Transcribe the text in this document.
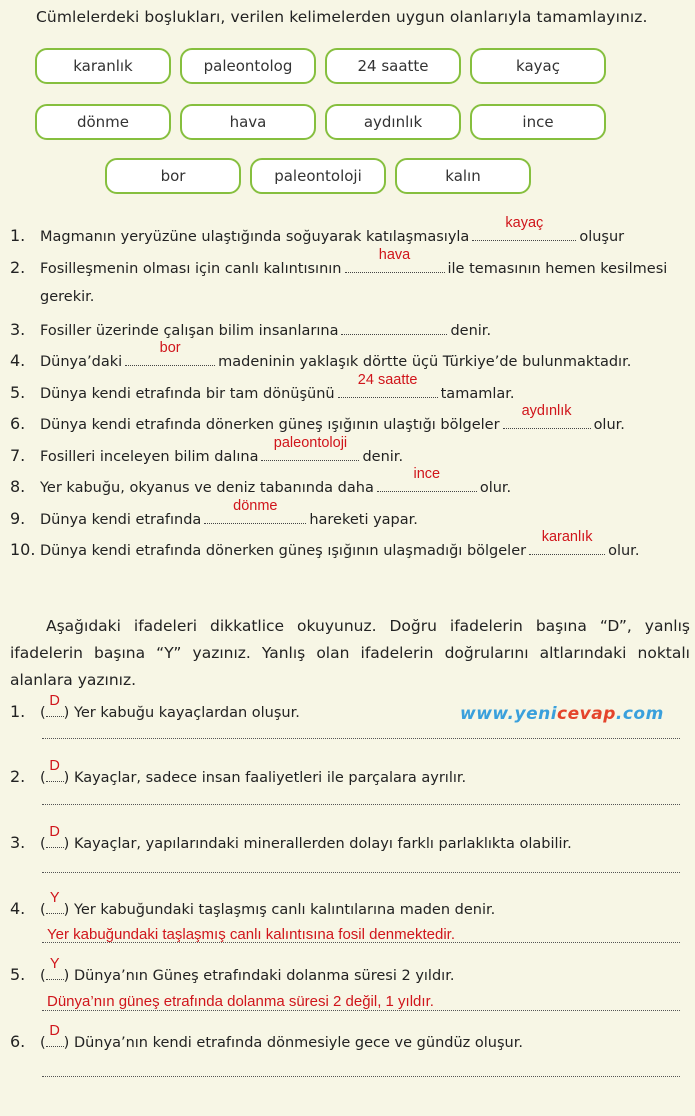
Cümlelerdeki boşlukları, verilen kelimelerden uygun olanlarıyla tamamlayınız.
karanlık	paleontolog	24 saatte	kayaç
dönme	hava	aydınlık	ince
bor	paleontoloji	kalın
1. Magmanın yeryüzüne ulaştığında soğuyarak katılaşmasıyla
kayaç
oluşur
2. Fosilleşmenin olması için canlı kalıntısının
hava
ile temasının hemen kesilmesi
gerekir.
3. Fosiller üzerinde çalışan bilim insanlarına	denir.
4. Dünya’daki
bor
madeninin yaklaşık dörtte üçü Türkiye’de bulunmaktadır.
5. Dünya kendi etrafında bir tam dönüşünü
24 saatte
tamamlar.
6. Dünya kendi etrafında dönerken güneş ışığının ulaştığı bölgeler
aydınlık
olur.
7. Fosilleri inceleyen bilim dalına
paleontoloji
denir.
8. Yer kabuğu, okyanus ve deniz tabanında daha
ince
olur.
9. Dünya kendi etrafında
dönme
hareketi yapar.
10. Dünya kendi etrafında dönerken güneş ışığının ulaşmadığı bölgeler
karanlık
olur.
Aşağıdaki ifadeleri dikkatlice okuyunuz. Doğru ifadelerin başına “D”, yanlış ifadelerin başına “Y” yazınız. Yanlış olan ifadelerin doğrularını altlarındaki noktalı alanlara yazınız.
www.yenicevap.com
1. (
D
) Yer kabuğu kayaçlardan oluşur.
2. (
D
) Kayaçlar, sadece insan faaliyetleri ile parçalara ayrılır.
3. (
D
) Kayaçlar, yapılarındaki minerallerden dolayı farklı parlaklıkta olabilir.
4. (
Y
) Yer kabuğundaki taşlaşmış canlı kalıntılarına maden denir.
Yer kabuğundaki taşlaşmış canlı kalıntısına fosil denmektedir.
5. (
Y
) Dünya’nın Güneş etrafındaki dolanma süresi 2 yıldır.
Dünya’nın güneş etrafında dolanma süresi 2 değil, 1 yıldır.
6. (
D
) Dünya’nın kendi etrafında dönmesiyle gece ve gündüz oluşur.
